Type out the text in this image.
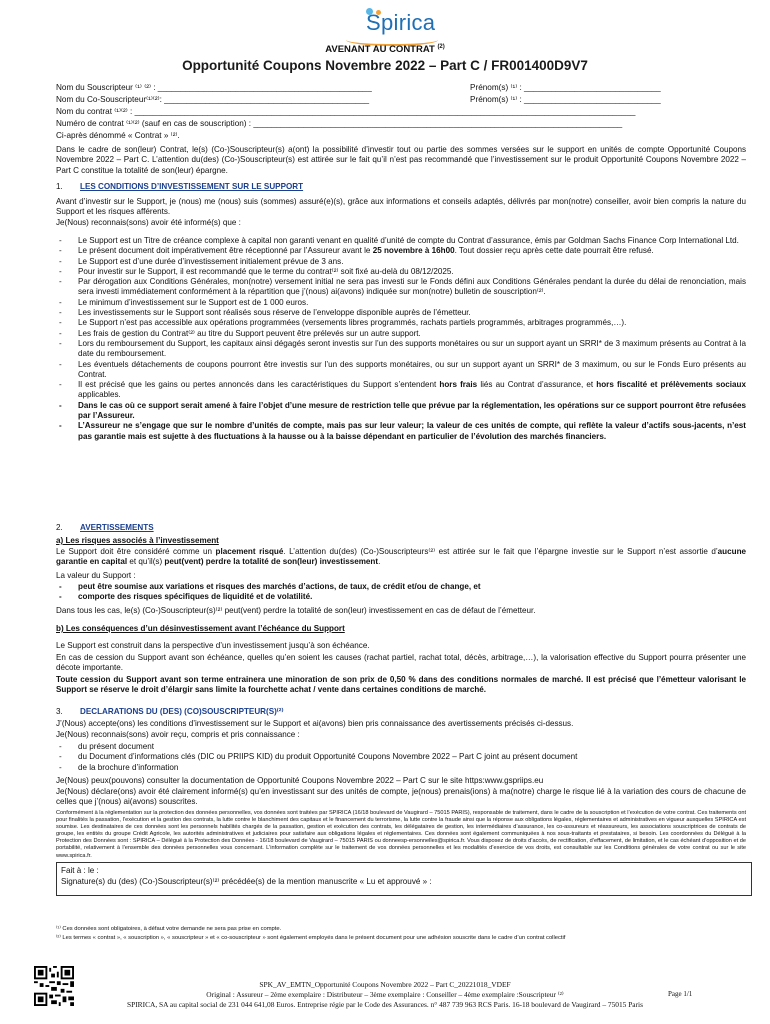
Spirica
AVENANT AU CONTRAT $^{(2)}$
Opportunité Coupons Novembre 2022 – Part C / FR001400D9V7
Nom du Souscripteur ⁽¹⁾ ⁽²⁾ : _______________________________________________	Prénom(s) ⁽¹⁾ : ______________________________
Nom du Co-Souscripteur⁽¹⁾⁽²⁾: _____________________________________________	Prénom(s) ⁽¹⁾ : ______________________________
Nom du contrat ⁽¹⁾⁽²⁾ : ______________________________________________________________________________________________________________
Numéro de contrat ⁽¹⁾⁽²⁾ (sauf en cas de souscription) : _________________________________________________________________________________
Ci-après dénommé « Contrat » ⁽²⁾.
Dans le cadre de son(leur) Contrat, le(s) (Co-)Souscripteur(s) a(ont) la possibilité d’investir tout ou partie des sommes versées sur le support en unités de compte Opportunité Coupons Novembre 2022 – Part C. L’attention du(des) (Co-)Souscripteur(s) est attirée sur le fait qu’il n’est pas recommandé que l’investissement sur le produit Opportunité Coupons Novembre 2022 – Part C constitue la totalité de son(leur) épargne.
1. LES CONDITIONS D’INVESTISSEMENT SUR LE SUPPORT
Avant d’investir sur le Support, je (nous) me (nous) suis (sommes) assuré(e)(s), grâce aux informations et conseils adaptés, délivrés par mon(notre) conseiller, avoir bien compris la nature du Support et les risques afférents.
Je(Nous) reconnais(sons) avoir été informé(s) que :
- Le Support est un Titre de créance complexe à capital non garanti venant en qualité d’unité de compte du Contrat d’assurance, émis par Goldman Sachs Finance Corp International Ltd.
- Le présent document doit impérativement être réceptionné par l’Assureur avant le 25 novembre à 16h00. Tout dossier reçu après cette date pourrait être refusé.
- Le Support est d’une durée d’investissement initialement prévue de 3 ans.
- Pour investir sur le Support, il est recommandé que le terme du contrat⁽²⁾ soit fixé au-delà du 08/12/2025.
- Par dérogation aux Conditions Générales, mon(notre) versement initial ne sera pas investi sur le Fonds défini aux Conditions Générales pendant la durée du délai de renonciation, mais sera investi immédiatement conformément à la répartition que j’(nous) ai(avons) indiquée sur mon(notre) bulletin de souscription⁽²⁾.
- Le minimum d’investissement sur le Support est de 1 000 euros.
- Les investissements sur le Support sont réalisés sous réserve de l’enveloppe disponible auprès de l’émetteur.
- Le Support n’est pas accessible aux opérations programmées (versements libres programmés, rachats partiels programmés, arbitrages programmés,…).
- Les frais de gestion du Contrat⁽²⁾ au titre du Support peuvent être prélevés sur un autre support.
- Lors du remboursement du Support, les capitaux ainsi dégagés seront investis sur l’un des supports monétaires ou sur un support ayant un SRRI* de 3 maximum présents au Contrat à la date du remboursement.
- Les éventuels détachements de coupons pourront être investis sur l’un des supports monétaires, ou sur un support ayant un SRRI* de 3 maximum, ou sur le Fonds Euro présents au Contrat.
- Il est précisé que les gains ou pertes annoncés dans les caractéristiques du Support s’entendent hors frais liés au Contrat d’assurance, et hors fiscalité et prélèvements sociaux applicables.
- Dans le cas où ce support serait amené à faire l’objet d’une mesure de restriction telle que prévue par la réglementation, les opérations sur ce support pourront être refusées par l’Assureur.
- L’Assureur ne s’engage que sur le nombre d’unités de compte, mais pas sur leur valeur; la valeur de ces unités de compte, qui reflète la valeur d’actifs sous-jacents, n’est pas garantie mais est sujette à des fluctuations à la hausse ou à la baisse dépendant en particulier de l’évolution des marchés financiers.
2. AVERTISSEMENTS
a) Les risques associés à l’investissement
Le Support doit être considéré comme un placement risqué. L’attention du(des) (Co-)Souscripteurs⁽²⁾ est attirée sur le fait que l’épargne investie sur le Support n’est assortie d’aucune garantie en capital et qu’il(s) peut(vent) perdre la totalité de son(leur) investissement.
La valeur du Support :
- peut être soumise aux variations et risques des marchés d’actions, de taux, de crédit et/ou de change, et
- comporte des risques spécifiques de liquidité et de volatilité.
Dans tous les cas, le(s) (Co-)Souscripteur(s)⁽²⁾ peut(vent) perdre la totalité de son(leur) investissement en cas de défaut de l’émetteur.
b) Les conséquences d’un désinvestissement avant l’échéance du Support
Le Support est construit dans la perspective d’un investissement jusqu’à son échéance.
En cas de cession du Support avant son échéance, quelles qu’en soient les causes (rachat partiel, rachat total, décès, arbitrage,…), la valorisation effective du Support pourra présenter une décote importante.
Toute cession du Support avant son terme entrainera une minoration de son prix de 0,50 % dans des conditions normales de marché. Il est précisé que l’émetteur valorisant le Support se réserve le droit d’élargir sans limite la fourchette achat / vente dans certaines conditions de marché.
3. DECLARATIONS DU (DES) (CO)SOUSCRIPTEUR(S)⁽²⁾
J’(Nous) accepte(ons) les conditions d’investissement sur le Support et ai(avons) bien pris connaissance des avertissements précisés ci-dessus.
Je(Nous) reconnais(sons) avoir reçu, compris et pris connaissance :
- du présent document
- du Document d’informations clés (DIC ou PRIIPS KID) du produit Opportunité Coupons Novembre 2022 – Part C joint au présent document
- de la brochure d’information
Je(Nous) peux(pouvons) consulter la documentation de Opportunité Coupons Novembre 2022 – Part C sur le site https:www.gspriips.eu
Je(Nous) déclare(ons) avoir été clairement informé(s) qu’en investissant sur des unités de compte, je(nous) prenais(ions) à ma(notre) charge le risque lié à la variation des cours de chacune de celles que j’(nous) ai(avons) souscrites.
Conformément à la réglementation sur la protection des données personnelles, vos données sont traitées par SPIRICA (16/18 boulevard de Vaugirard – 75015 PARIS), responsable de traitement, dans le cadre de la souscription et l’exécution de votre contrat. Ces traitements ont pour finalités la passation, l’exécution et la gestion des contrats, la lutte contre le blanchiment des capitaux et le financement du terrorisme, la lutte contre la fraude ainsi que la réponse aux obligations légales, réglementaires et administratives en vigueur auxquelles SPIRICA est soumise. Les destinataires de ces données sont les personnels habilités chargés de la passation, gestion et exécution des contrats, les délégataires de gestion, les intermédiaires d’assurance, les co-assureurs et réassureurs, les associations souscriptrices de contrats de groupe, les entités du groupe Crédit Agricole, les autorités administratives et judiciaires pour satisfaire aux obligations légales et réglementaires. Ces données sont également communiquées à nos sous-traitants et prestataires, si besoin. Les coordonnées du Délégué à la Protection des Données sont : SPIRICA – Délégué à la Protection des Données - 16/18 boulevard de Vaugirard – 75015 PARIS ou donneesp-ersonnelles@spirica.fr. Vous disposez de droits d’accès, de rectification, d’effacement, de limitation, et le cas échéant d’opposition et de portabilité, relativement à l’ensemble des données personnelles vous concernant. L’information complète sur le traitement de vos données personnelles et les modalités d’exercice de vos droits, est consultable sur les Conditions générales de votre contrat ou sur le site www.spirica.fr.
Fait à : le :
Signature(s) du (des) (Co-)Souscripteur(s)⁽²⁾ précédée(s) de la mention manuscrite « Lu et approuvé » :
⁽¹⁾ Ces données sont obligatoires, à défaut votre demande ne sera pas prise en compte.
⁽²⁾ Les termes « contrat », « souscription », « souscripteur » et « co-souscripteur » sont également employés dans le présent document pour une adhésion souscrite dans le cadre d’un contrat collectif
SPK_AV_EMTN_Opportunité Coupons Novembre 2022 – Part C_20221018_VDEF
Original : Assureur – 2ème exemplaire : Distributeur – 3ème exemplaire : Conseiller – 4ème exemplaire :Souscripteur ⁽²⁾	Page 1/1
SPIRICA, SA au capital social de 231 044 641,08 Euros. Entreprise régie par le Code des Assurances. n° 487 739 963 RCS Paris. 16-18 boulevard de Vaugirard – 75015 Paris
